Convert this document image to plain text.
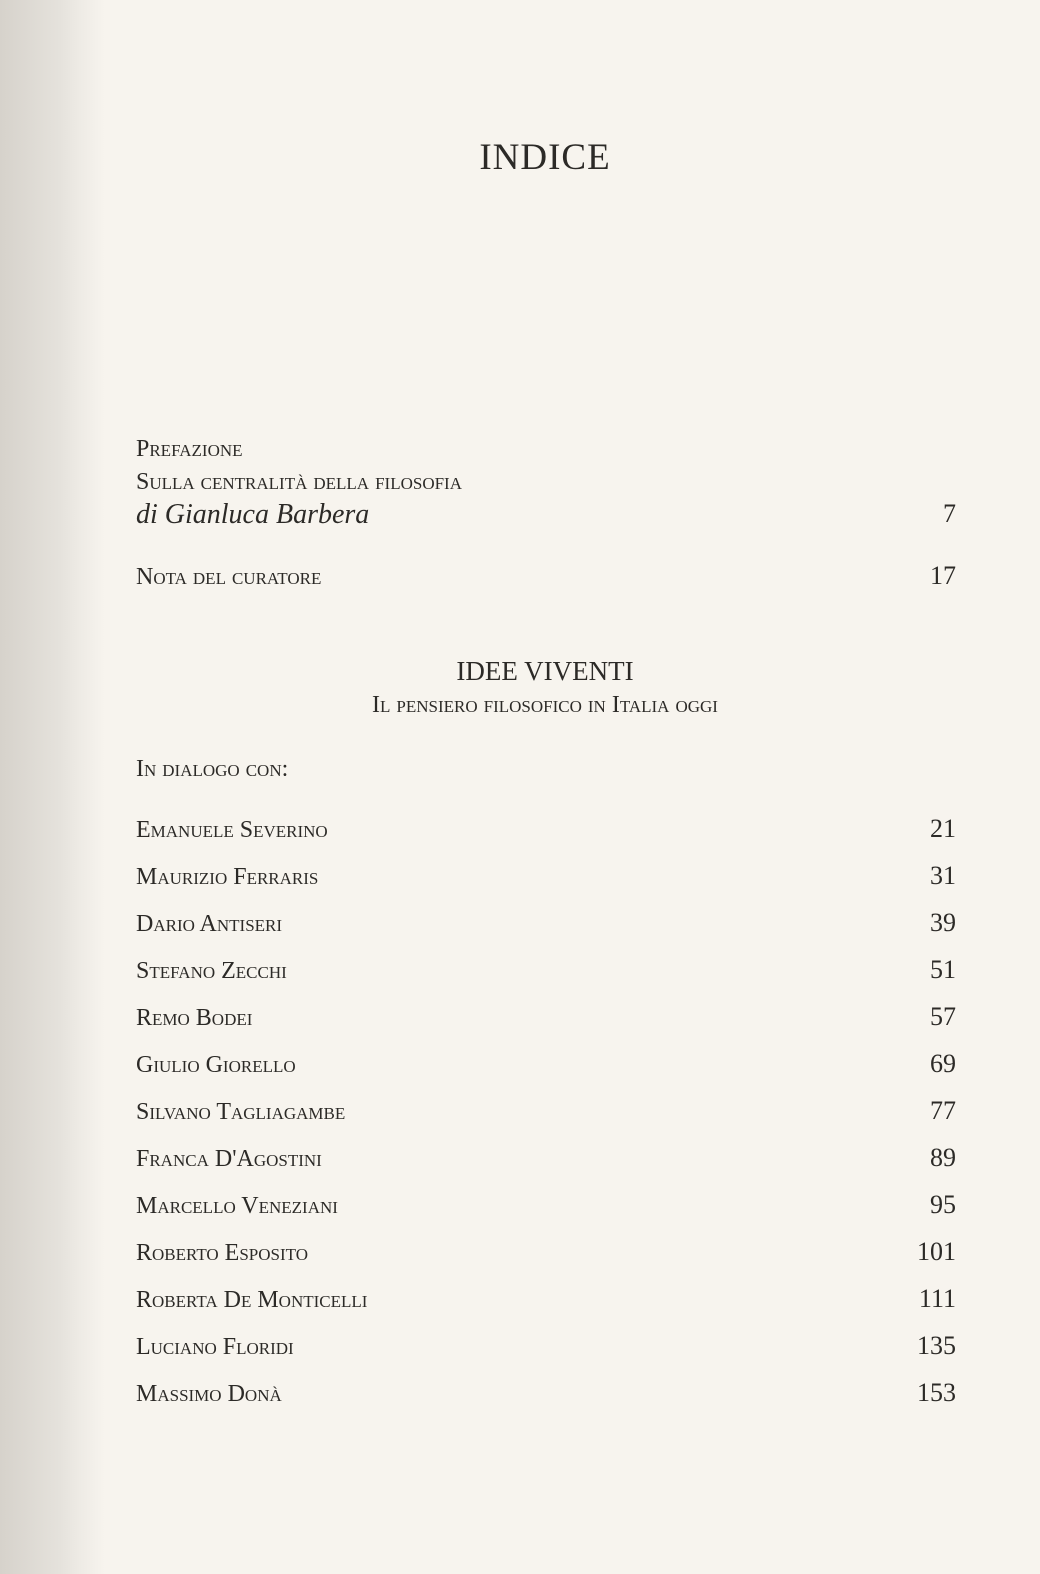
INDICE
Prefazione
Sulla centralità della filosofia
di Gianluca Barbera	7
Nota del curatore	17
IDEE VIVENTI
Il pensiero filosofico in Italia oggi
In dialogo con:
Emanuele Severino	21
Maurizio Ferraris	31
Dario Antiseri	39
Stefano Zecchi	51
Remo Bodei	57
Giulio Giorello	69
Silvano Tagliagambe	77
Franca D'Agostini	89
Marcello Veneziani	95
Roberto Esposito	101
Roberta De Monticelli	111
Luciano Floridi	135
Massimo Donà	153
